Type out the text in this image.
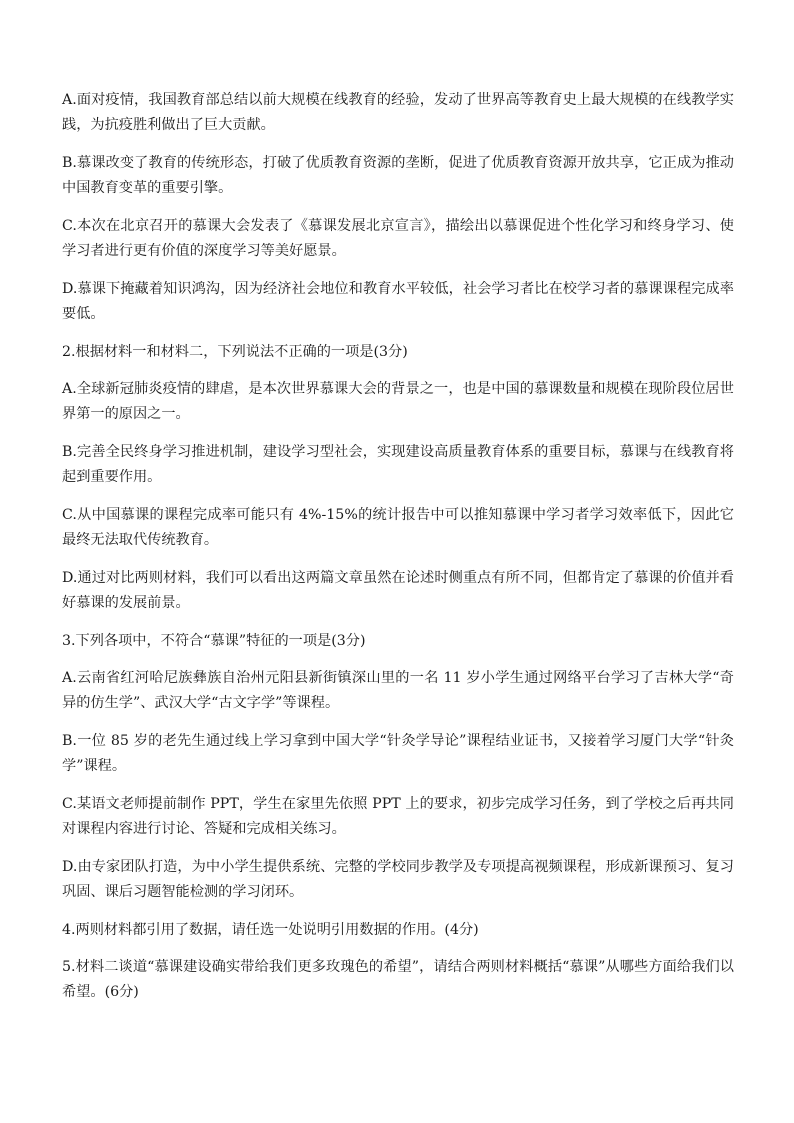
A.面对疫情，我国教育部总结以前大规模在线教育的经验，发动了世界高等教育史上最大规模的在线教学实践，为抗疫胜利做出了巨大贡献。

B.慕课改变了教育的传统形态，打破了优质教育资源的垄断，促进了优质教育资源开放共享，它正成为推动中国教育变革的重要引擎。

C.本次在北京召开的慕课大会发表了《慕课发展北京宣言》，描绘出以慕课促进个性化学习和终身学习、使学习者进行更有价值的深度学习等美好愿景。

D.慕课下掩藏着知识鸿沟，因为经济社会地位和教育水平较低，社会学习者比在校学习者的慕课课程完成率要低。

2.根据材料一和材料二，下列说法不正确的一项是(3分)

A.全球新冠肺炎疫情的肆虐，是本次世界慕课大会的背景之一，也是中国的慕课数量和规模在现阶段位居世界第一的原因之一。

B.完善全民终身学习推进机制，建设学习型社会，实现建设高质量教育体系的重要目标，慕课与在线教育将起到重要作用。

C.从中国慕课的课程完成率可能只有 4%-15%的统计报告中可以推知慕课中学习者学习效率低下，因此它最终无法取代传统教育。

D.通过对比两则材料，我们可以看出这两篇文章虽然在论述时侧重点有所不同，但都肯定了慕课的价值并看好慕课的发展前景。

3.下列各项中，不符合“慕课”特征的一项是(3分)

A.云南省红河哈尼族彝族自治州元阳县新街镇深山里的一名 11 岁小学生通过网络平台学习了吉林大学“奇异的仿生学”、武汉大学“古文字学”等课程。

B.一位 85 岁的老先生通过线上学习拿到中国大学“针灸学导论”课程结业证书，又接着学习厦门大学“针灸学”课程。

C.某语文老师提前制作 PPT，学生在家里先依照 PPT 上的要求，初步完成学习任务，到了学校之后再共同对课程内容进行讨论、答疑和完成相关练习。

D.由专家团队打造，为中小学生提供系统、完整的学校同步教学及专项提高视频课程，形成新课预习、复习巩固、课后习题智能检测的学习闭环。

4.两则材料都引用了数据，请任选一处说明引用数据的作用。(4分)

5.材料二谈道“慕课建设确实带给我们更多玫瑰色的希望”，请结合两则材料概括“慕课”从哪些方面给我们以希望。(6分)
